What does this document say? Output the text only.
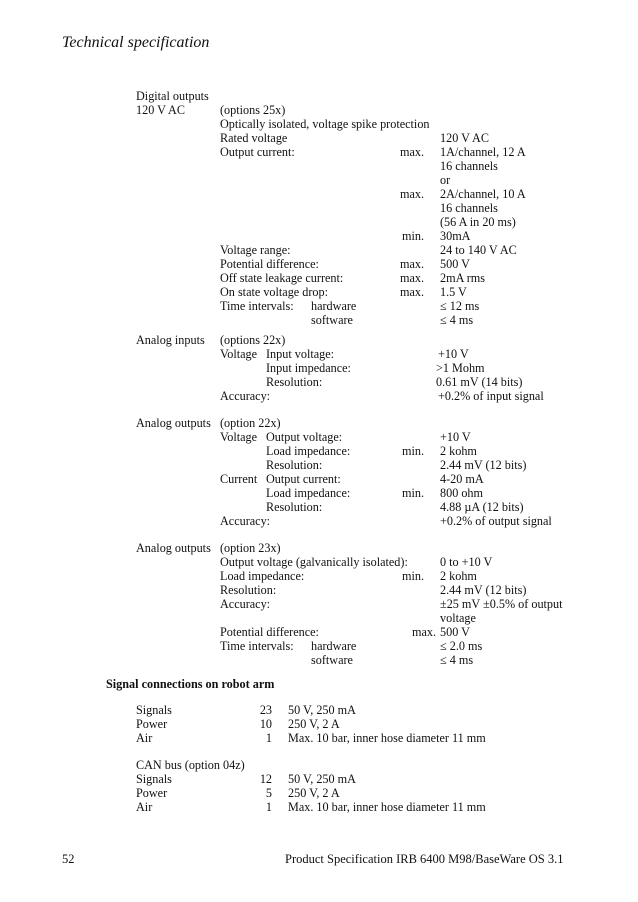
Technical specification
Digital outputs
120 V AC	(options 25x)
Optically isolated, voltage spike protection
Rated voltage	120 V AC
Output current:	max. 1A/channel, 12 A
16 channels
or
max. 2A/channel, 10 A
16 channels
(56 A in 20 ms)
min. 30mA
Voltage range:	24 to 140 V AC
Potential difference:	max. 500 V
Off state leakage current:	max. 2mA rms
On state voltage drop:	max. 1.5 V
Time intervals: hardware	≤ 12 ms
software	≤ 4 ms
Analog inputs (options 22x)
Voltage Input voltage:	+10 V
Input impedance:	>1 Mohm
Resolution:	0.61 mV (14 bits)
Accuracy:	+0.2% of input signal
Analog outputs (option 22x)
Voltage Output voltage:	+10 V
Load impedance:	min. 2 kohm
Resolution:	2.44 mV (12 bits)
Current Output current:	4-20 mA
Load impedance:	min. 800 ohm
Resolution:	4.88 µA (12 bits)
Accuracy:	+0.2% of output signal
Analog outputs (option 23x)
Output voltage (galvanically isolated):	0 to +10 V
Load impedance:	min. 2 kohm
Resolution:	2.44 mV (12 bits)
Accuracy:	±25 mV ±0.5% of output
voltage
Potential difference:	max. 500 V
Time intervals: hardware	≤ 2.0 ms
software	≤ 4 ms
Signal connections on robot arm
Signals	23 50 V, 250 mA
Power	10 250 V, 2 A
Air	1 Max. 10 bar, inner hose diameter 11 mm
CAN bus (option 04z)
Signals	12 50 V, 250 mA
Power	5 250 V, 2 A
Air	1 Max. 10 bar, inner hose diameter 11 mm
52	Product Specification IRB 6400 M98/BaseWare OS 3.1
